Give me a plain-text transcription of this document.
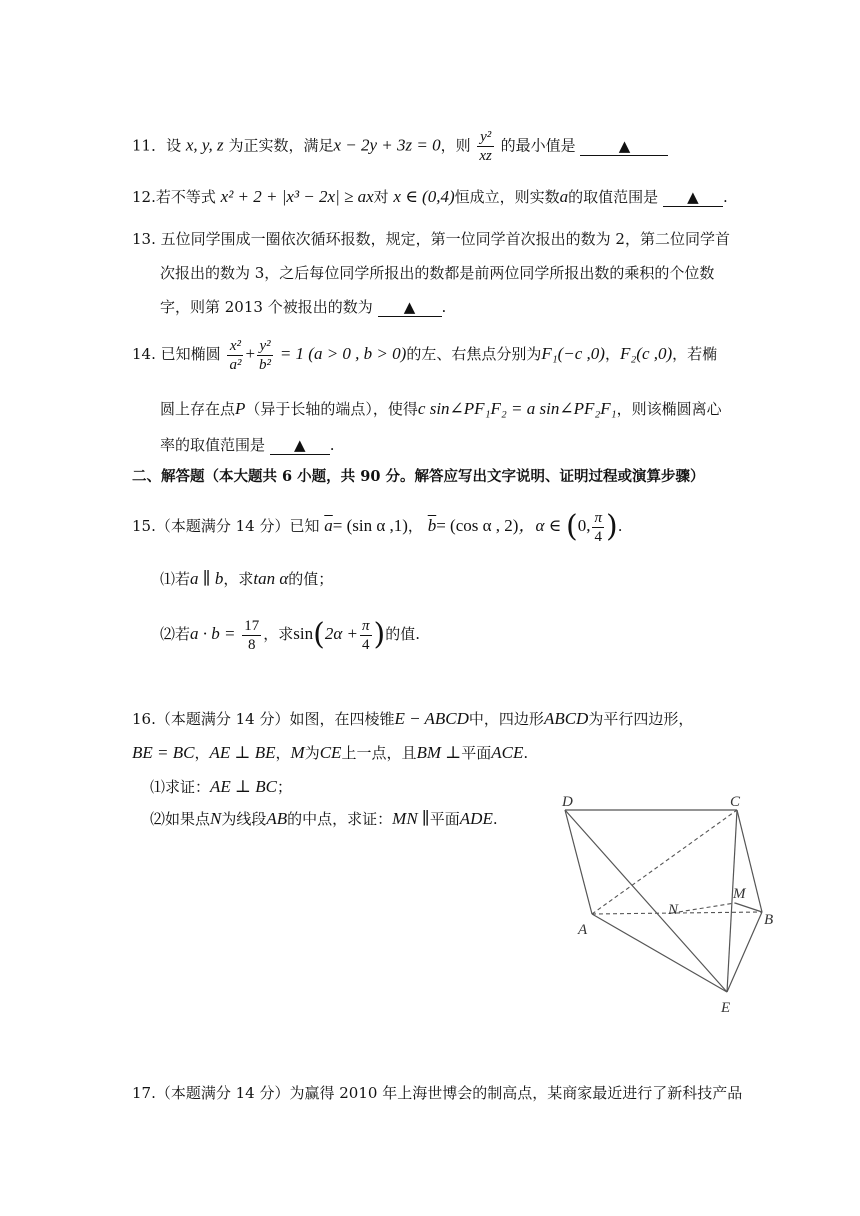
11．设 x, y, z 为正实数，满足x − 2y + 3z = 0，则 $\frac{\text{y²}}{xz}$ 的最小值是	▲
12.若不等式 x² + 2 + |x³ − 2x| ≥ ax对 x ∈ (0,4)恒成立，则实数a的取值范围是 ▲ .
13. 五位同学围成一圈依次循环报数，规定，第一位同学首次报出的数为 2，第二位同学首
次报出的数为 3，之后每位同学所报出的数都是前两位同学所报出数的乘积的个位数
字，则第 2013 个被报出的数为 ▲ .
14. 已知椭圆 $\frac{\text{x²}}{\text{a²}} + \frac{\text{y²}}{\text{b²}} = 1$ (a > 0 , b > 0)的左、右焦点分别为F₁(−c ,0)，F₂(c ,0)，若椭
圆上存在点P（异于长轴的端点），使得c sin∠PF₁F₂ = a sin∠PF₂F₁，则该椭圆离心
率的取值范围是 ▲ .
二、解答题（本大题共 6 小题，共 90 分。解答应写出文字说明、证明过程或演算步骤）
15.（本题满分 14 分）已知 $\overline{a}= (\sin$ α ,1)， $\overline{b}= (\cos$ α , 2)，α ∈ (0, $\frac{\pi}{4}$ ).
⑴若a ∥ b，求tan α的值；
⑵若$a \cdot b = \frac{17}{8}$ ，求$\sin(2\alpha + \frac{\pi}{4}$ )的值.
16.（本题满分 14 分）如图，在四棱锥E − ABCD中，四边形ABCD为平行四边形，
BE = BC，AE ⊥ BE，M为CE上一点，且BM ⊥平面ACE.
⑴求证：AE ⊥ BC；
⑵如果点N为线段AB的中点，求证：MN ∥平面ADE.
D	C
A
B
N
M
E
17.（本题满分 14 分）为赢得 2010 年上海世博会的制高点，某商家最近进行了新科技产品
